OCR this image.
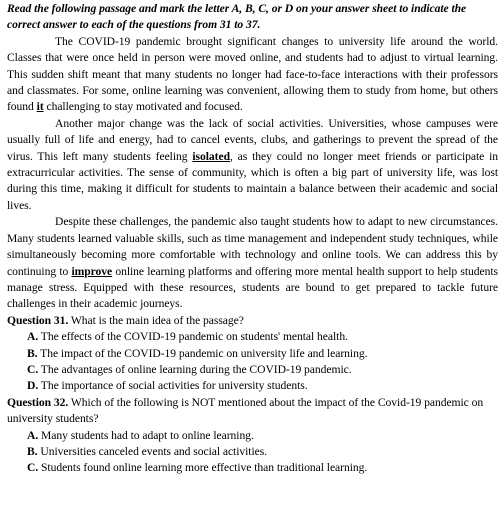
Read the following passage and mark the letter A, B, C, or D on your answer sheet to indicate the correct answer to each of the questions from 31 to 37.

The COVID-19 pandemic brought significant changes to university life around the world. Classes that were once held in person were moved online, and students had to adjust to virtual learning. This sudden shift meant that many students no longer had face-to-face interactions with their professors and classmates. For some, online learning was convenient, allowing them to study from home, but others found it challenging to stay motivated and focused.

Another major change was the lack of social activities. Universities, whose campuses were usually full of life and energy, had to cancel events, clubs, and gatherings to prevent the spread of the virus. This left many students feeling isolated, as they could no longer meet friends or participate in extracurricular activities. The sense of community, which is often a big part of university life, was lost during this time, making it difficult for students to maintain a balance between their academic and social lives.

Despite these challenges, the pandemic also taught students how to adapt to new circumstances. Many students learned valuable skills, such as time management and independent study techniques, while simultaneously becoming more comfortable with technology and online tools. We can address this by continuing to improve online learning platforms and offering more mental health support to help students manage stress. Equipped with these resources, students are bound to get prepared to tackle future challenges in their academic journeys.

Question 31. What is the main idea of the passage?

A. The effects of the COVID-19 pandemic on students' mental health.
B. The impact of the COVID-19 pandemic on university life and learning.
C. The advantages of online learning during the COVID-19 pandemic.
D. The importance of social activities for university students.

Question 32. Which of the following is NOT mentioned about the impact of the Covid-19 pandemic on university students?

A. Many students had to adapt to online learning.
B. Universities canceled events and social activities.
C. Students found online learning more effective than traditional learning.
